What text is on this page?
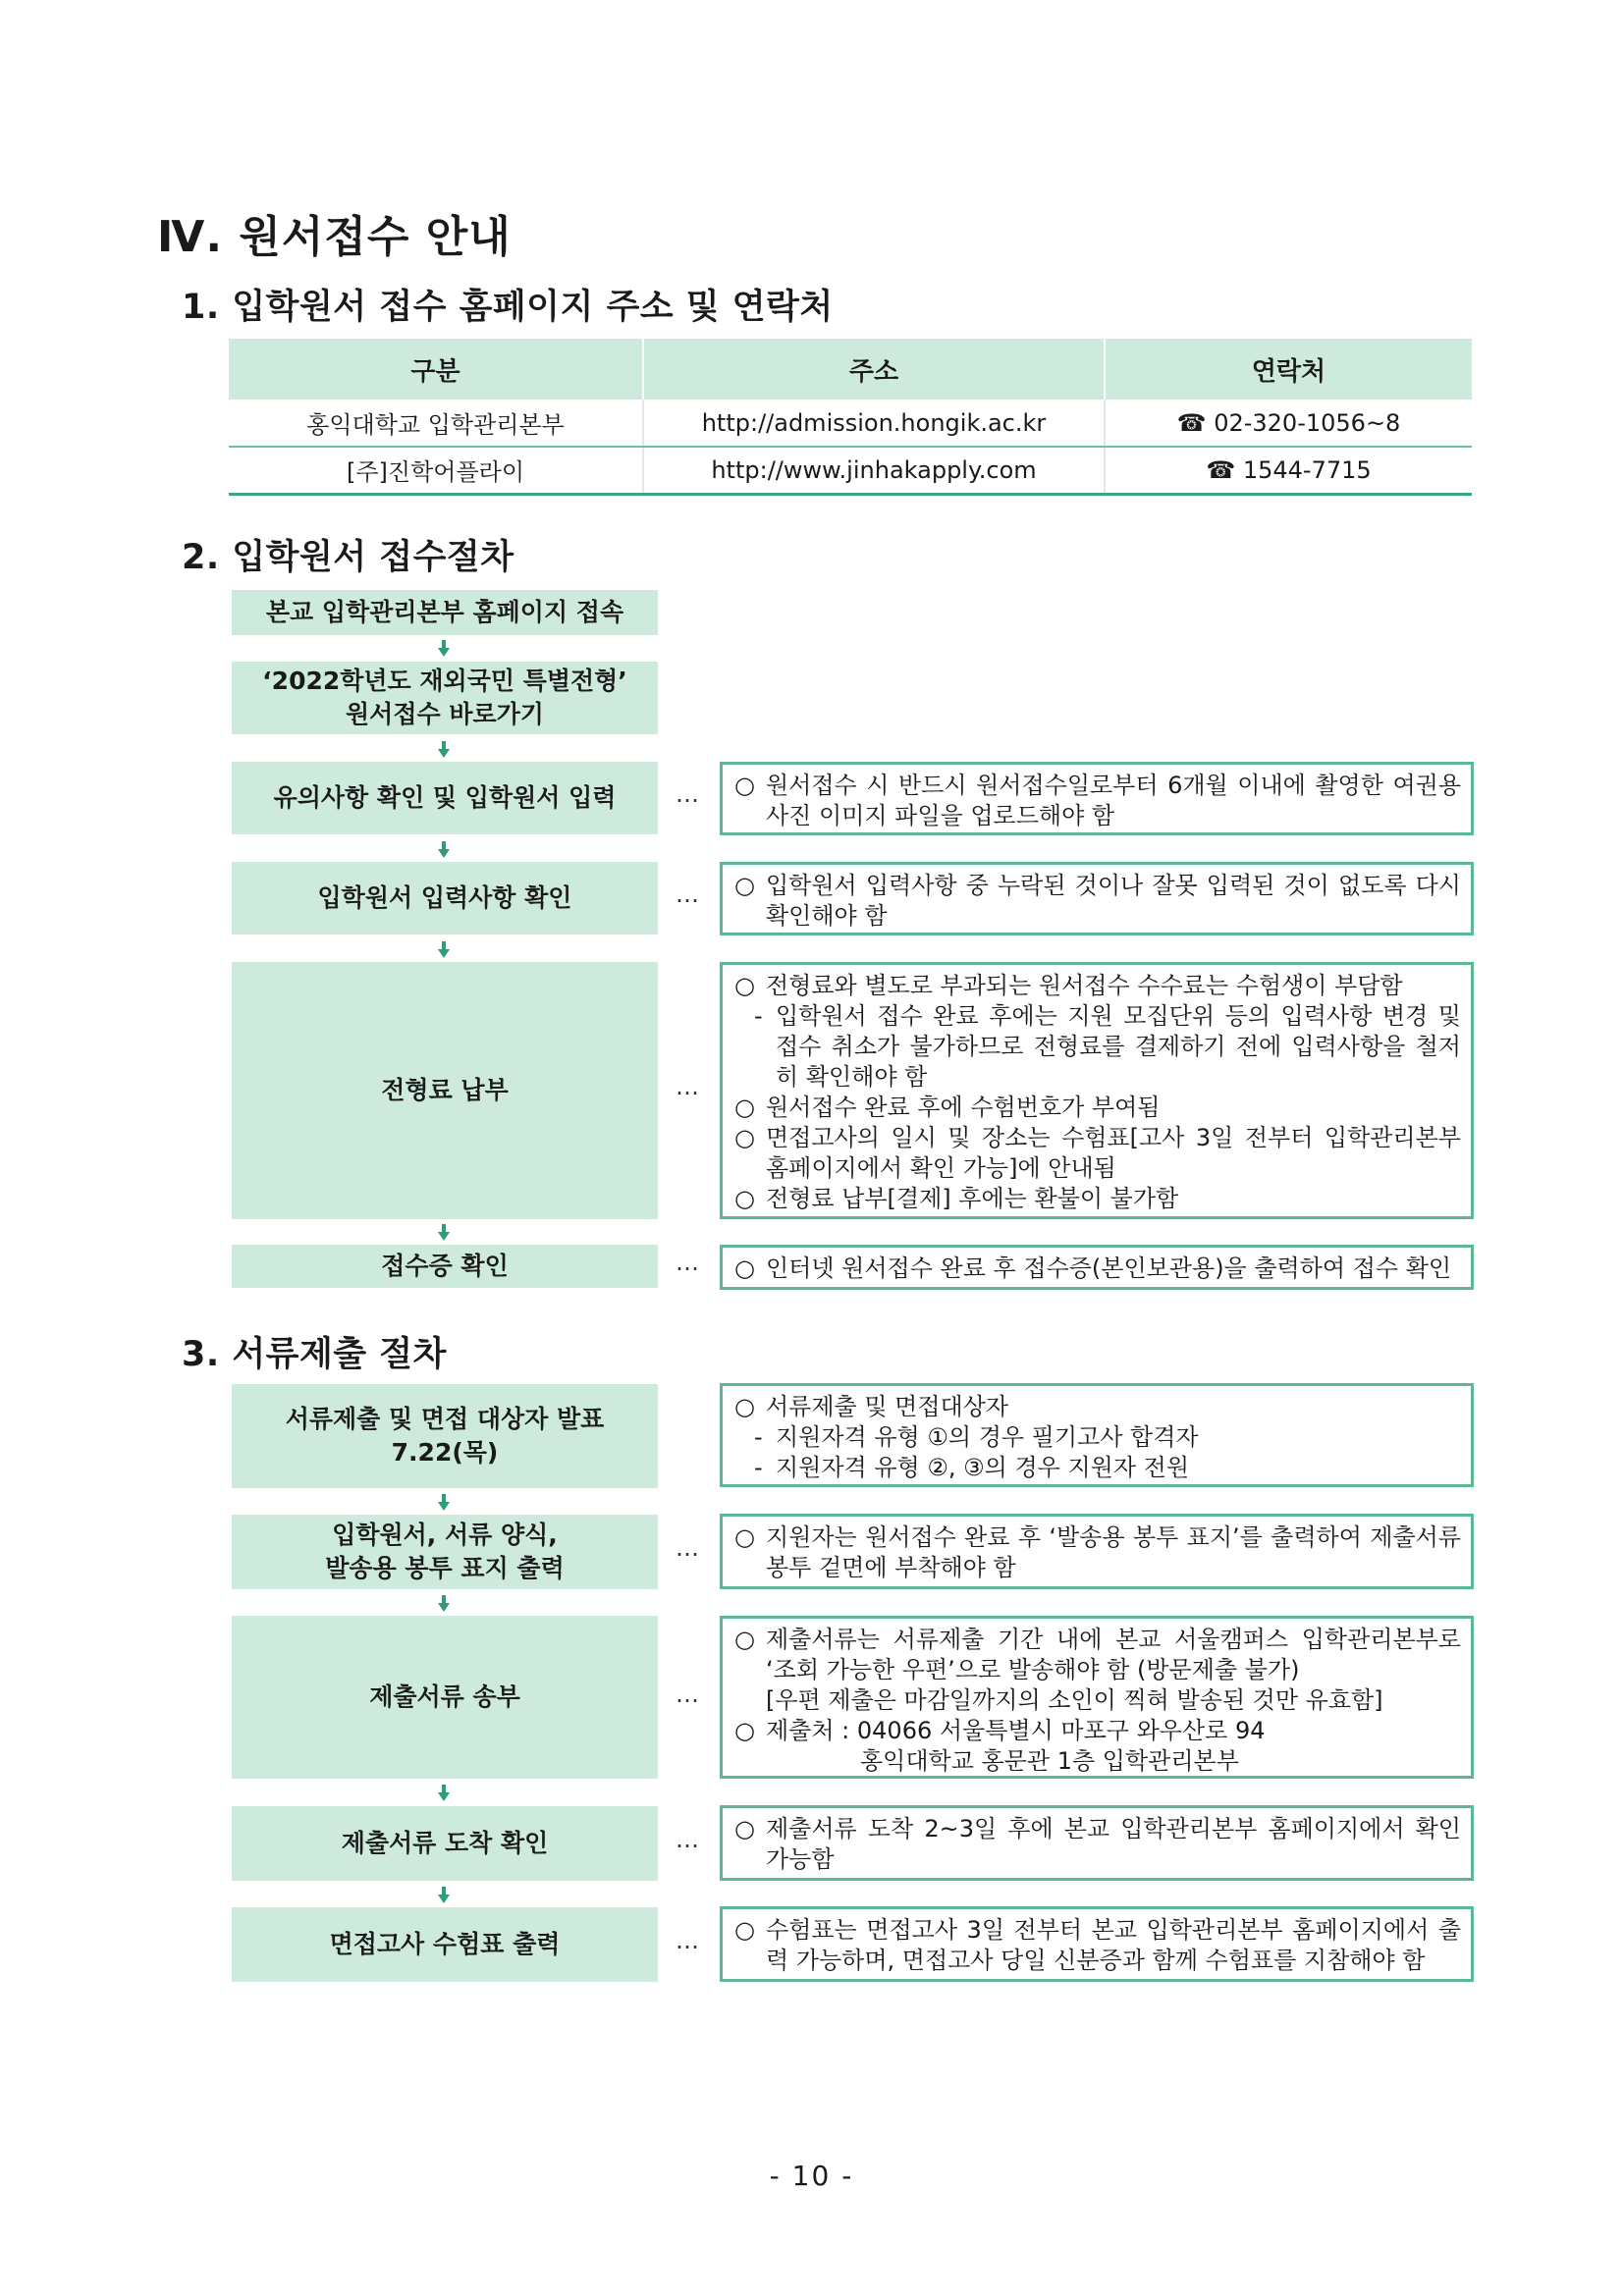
Ⅳ. 원서접수 안내
1. 입학원서 접수 홈페이지 주소 및 연락처
구분	주소	연락처
홍익대학교 입학관리본부	http://admission.hongik.ac.kr	☎ 02-320-1056~8
[주]진학어플라이	http://www.jinhakapply.com	☎ 1544-7715
2. 입학원서 접수절차
본교 입학관리본부 홈페이지 접속
‘2022학년도 재외국민 특별전형’
원서접수 바로가기
유의사항 확인 및 입학원서 입력	… ○ 원서접수 시 반드시 원서접수일로부터 6개월 이내에 촬영한 여권용 사진 이미지 파일을 업로드해야 함
입학원서 입력사항 확인	… ○ 입학원서 입력사항 중 누락된 것이나 잘못 입력된 것이 없도록 다시 확인해야 함
전형료 납부	…
○ 전형료와 별도로 부과되는 원서접수 수수료는 수험생이 부담함
- 입학원서 접수 완료 후에는 지원 모집단위 등의 입력사항 변경 및 접수 취소가 불가하므로 전형료를 결제하기 전에 입력사항을 철저히 확인해야 함
○ 원서접수 완료 후에 수험번호가 부여됨
○ 면접고사의 일시 및 장소는 수험표[고사 3일 전부터 입학관리본부 홈페이지에서 확인 가능]에 안내됨
○ 전형료 납부[결제] 후에는 환불이 불가함
접수증 확인	… ○ 인터넷 원서접수 완료 후 접수증(본인보관용)을 출력하여 접수 확인
3. 서류제출 절차
서류제출 및 면접 대상자 발표
7.22(목)
○ 서류제출 및 면접대상자
- 지원자격 유형 ①의 경우 필기고사 합격자
- 지원자격 유형 ②, ③의 경우 지원자 전원
입학원서, 서류 양식,
발송용 봉투 표지 출력
… ○ 지원자는 원서접수 완료 후 ‘발송용 봉투 표지’를 출력하여 제출서류 봉투 겉면에 부착해야 함
제출서류 송부	…
○ 제출서류는 서류제출 기간 내에 본교 서울캠퍼스 입학관리본부로 ‘조회 가능한 우편’으로 발송해야 함 (방문제출 불가)
[우편 제출은 마감일까지의 소인이 찍혀 발송된 것만 유효함]
○ 제출처 : 04066 서울특별시 마포구 와우산로 94
홍익대학교 홍문관 1층 입학관리본부
제출서류 도착 확인	… ○ 제출서류 도착 2~3일 후에 본교 입학관리본부 홈페이지에서 확인 가능함
면접고사 수험표 출력	… ○ 수험표는 면접고사 3일 전부터 본교 입학관리본부 홈페이지에서 출력 가능하며, 면접고사 당일 신분증과 함께 수험표를 지참해야 함
- 10 -
